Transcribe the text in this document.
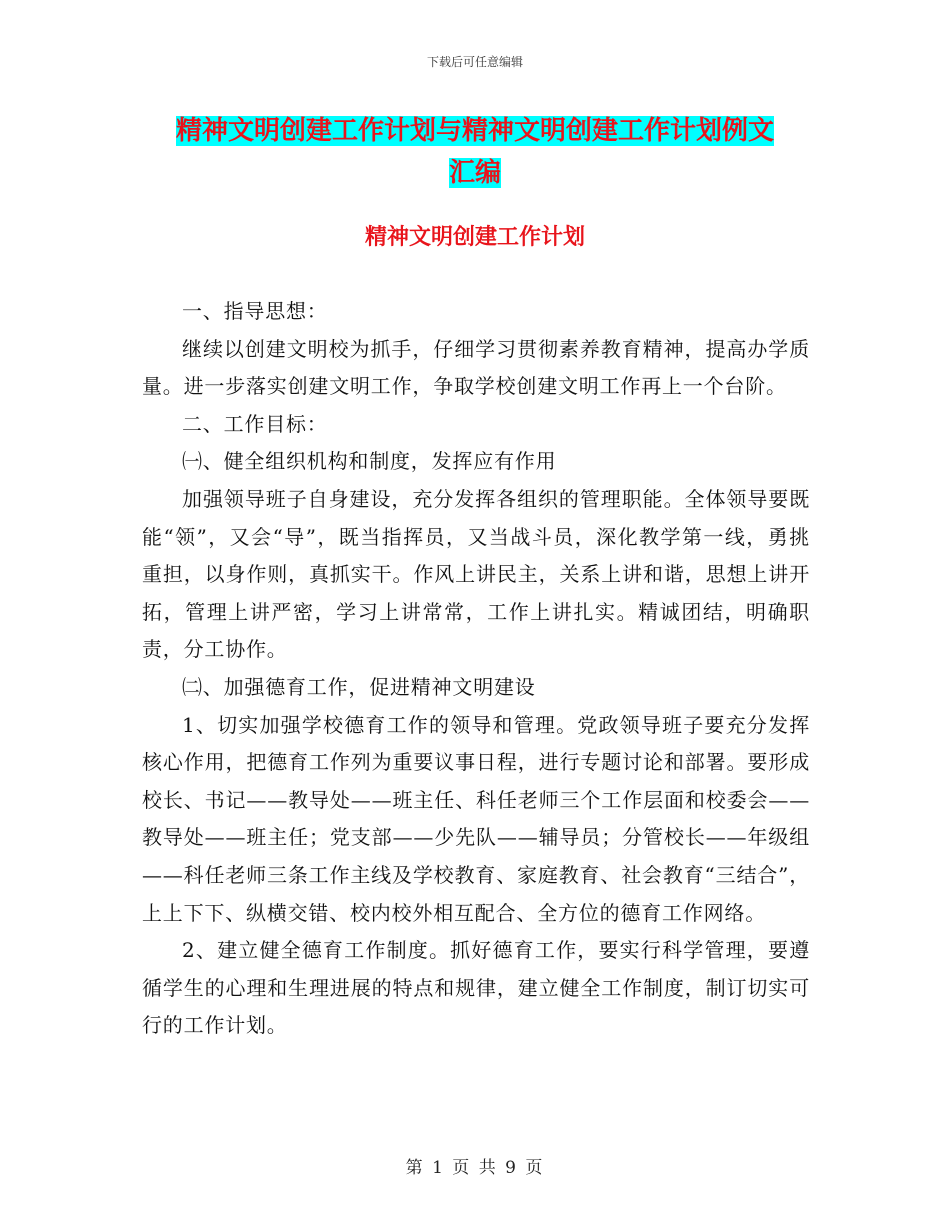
下载后可任意编辑
精神文明创建工作计划与精神文明创建工作计划例文
汇编
精神文明创建工作计划

一、指导思想：

继续以创建文明校为抓手，仔细学习贯彻素养教育精神，提高办学质量。进一步落实创建文明工作，争取学校创建文明工作再上一个台阶。

二、工作目标：

㈠、健全组织机构和制度，发挥应有作用

加强领导班子自身建设，充分发挥各组织的管理职能。全体领导要既能“领”，又会“导”，既当指挥员，又当战斗员，深化教学第一线，勇挑重担，以身作则，真抓实干。作风上讲民主，关系上讲和谐，思想上讲开拓，管理上讲严密，学习上讲常常，工作上讲扎实。精诚团结，明确职责，分工协作。

㈡、加强德育工作，促进精神文明建设

1、切实加强学校德育工作的领导和管理。党政领导班子要充分发挥核心作用，把德育工作列为重要议事日程，进行专题讨论和部署。要形成校长、书记——教导处——班主任、科任老师三个工作层面和校委会——教导处——班主任；党支部——少先队——辅导员；分管校长——年级组——科任老师三条工作主线及学校教育、家庭教育、社会教育“三结合”，上上下下、纵横交错、校内校外相互配合、全方位的德育工作网络。

2、建立健全德育工作制度。抓好德育工作，要实行科学管理，要遵循学生的心理和生理进展的特点和规律，建立健全工作制度，制订切实可行的工作计划。

第 1 页 共 9 页
